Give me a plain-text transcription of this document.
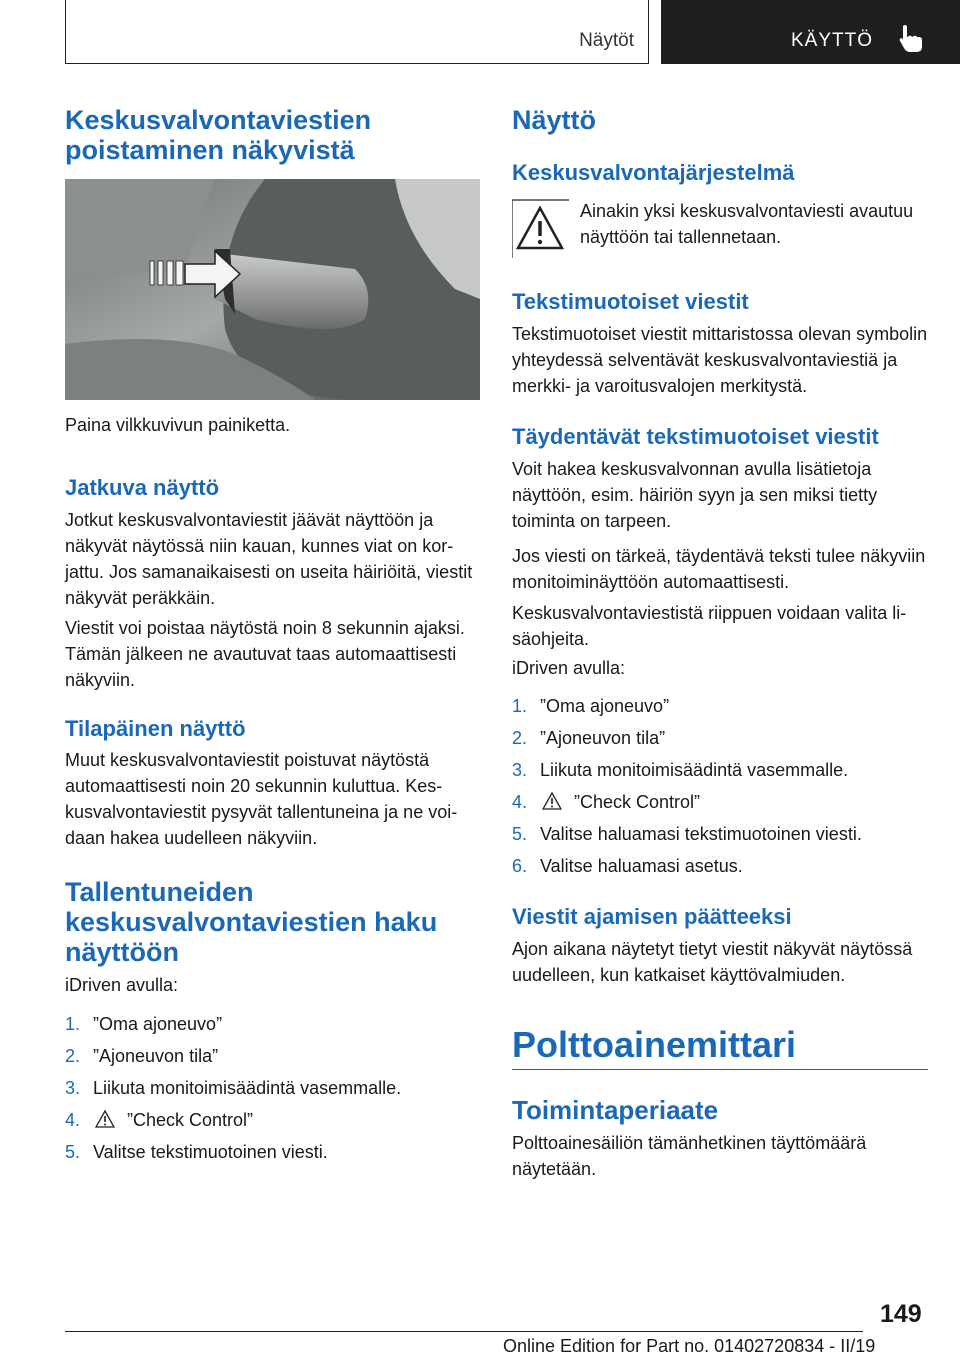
Näytöt	KÄYTTÖ
Keskusvalvontaviestien poistaminen näkyvistä

Paina vilkkuvivun painiketta.

Jatkuva näyttö

Jotkut keskusvalvontaviestit jäävät näyttöön ja näkyvät näytössä niin kauan, kunnes viat on korjattu. Jos samanaikaisesti on useita häiriöitä, viestit näkyvät peräkkäin.

Viestit voi poistaa näytöstä noin 8 sekunnin ajaksi. Tämän jälkeen ne avautuvat taas automaattisesti näkyviin.

Tilapäinen näyttö

Muut keskusvalvontaviestit poistuvat näytöstä automaattisesti noin 20 sekunnin kuluttua. Keskusvalvontaviestit pysyvät tallentuneina ja ne voidaan hakea uudelleen näkyviin.

Tallentuneiden keskusvalvontaviestien haku näyttöön

iDriven avulla:

1. ”Oma ajoneuvo”
2. ”Ajoneuvon tila”
3. Liikuta monitoimisäädintä vasemmalle.
4.	”Check Control”
5. Valitse tekstimuotoinen viesti.
Näyttö
Keskusvalvontajärjestelmä

Ainakin yksi keskusvalvontaviesti avautuu näyttöön tai tallennetaan.

Tekstimuotoiset viestit

Tekstimuotoiset viestit mittaristossa olevan symbolin yhteydessä selventävät keskusvalvontaviestiä ja merkki- ja varoitusvalojen merkitystä.

Täydentävät tekstimuotoiset viestit

Voit hakea keskusvalvonnan avulla lisätietoja näyttöön, esim. häiriön syyn ja sen miksi tietty toiminta on tarpeen.

Jos viesti on tärkeä, täydentävä teksti tulee näkyviin monitoiminäyttöön automaattisesti.

Keskusvalvontaviestistä riippuen voidaan valita lisäohjeita.

iDriven avulla:

1. ”Oma ajoneuvo”
2. ”Ajoneuvon tila”
3. Liikuta monitoimisäädintä vasemmalle.
4.	”Check Control”
5. Valitse haluamasi tekstimuotoinen viesti.
6. Valitse haluamasi asetus.
Viestit ajamisen päätteeksi

Ajon aikana näytetyt tietyt viestit näkyvät näytössä uudelleen, kun katkaiset käyttövalmiuden.

Polttoainemittari
Toimintaperiaate

Polttoainesäiliön tämänhetkinen täyttömäärä näytetään.

149
Online Edition for Part no. 01402720834 - II/19
